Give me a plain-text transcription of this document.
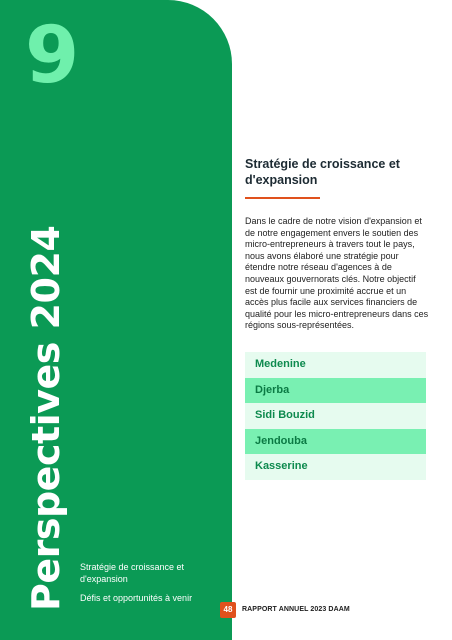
9
Perspectives 2024 Stratégie de croissance et d'expansion
Défis et opportunités à venir
Stratégie de croissance et d'expansion

Dans le cadre de notre vision d'expansion et de notre engagement envers le soutien des micro-entrepreneurs à travers tout le pays, nous avons élaboré une stratégie pour étendre notre réseau d'agences à de nouveaux gouvernorats clés. Notre objectif est de fournir une proximité accrue et un accès plus facile aux services financiers de qualité pour les micro-entrepreneurs dans ces régions sous-représentées.

Medenine
Djerba
Sidi Bouzid
Jendouba
Kasserine
48	RAPPORT ANNUEL 2023 DAAM
